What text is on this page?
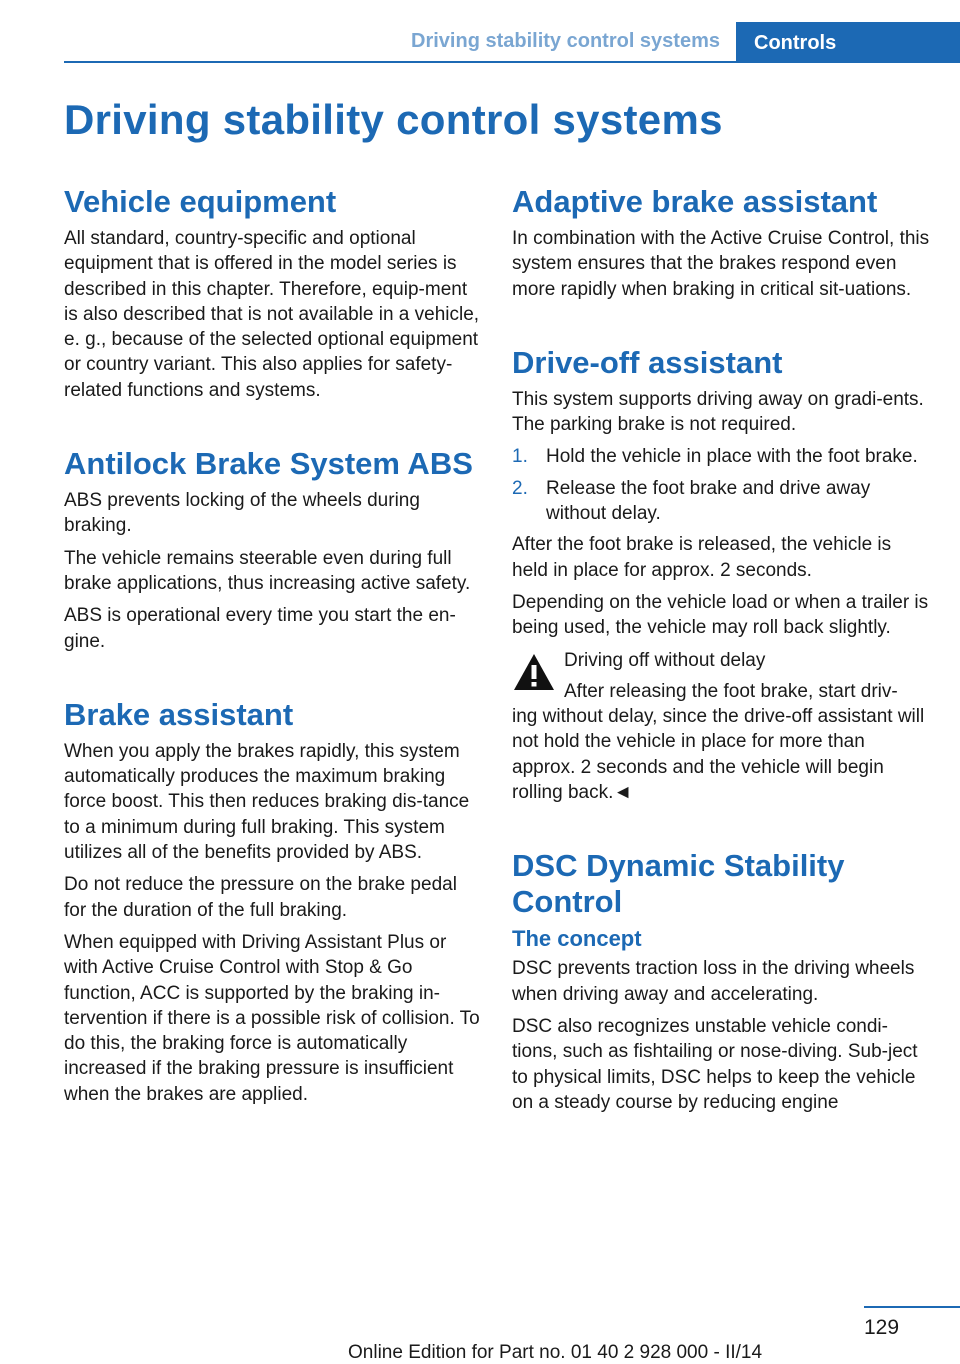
Driving stability control systems	Controls
Driving stability control systems
Vehicle equipment

All standard, country-specific and optional equipment that is offered in the model series is described in this chapter. Therefore, equip-ment is also described that is not available in a vehicle, e. g., because of the selected optional equipment or country variant. This also applies for safety-related functions and systems.

Antilock Brake System ABS

ABS prevents locking of the wheels during braking.

The vehicle remains steerable even during full brake applications, thus increasing active safety.

ABS is operational every time you start the en-gine.

Brake assistant

When you apply the brakes rapidly, this system automatically produces the maximum braking force boost. This then reduces braking dis-tance to a minimum during full braking. This system utilizes all of the benefits provided by ABS.

Do not reduce the pressure on the brake pedal for the duration of the full braking.

When equipped with Driving Assistant Plus or with Active Cruise Control with Stop & Go function, ACC is supported by the braking in-tervention if there is a possible risk of collision. To do this, the braking force is automatically increased if the braking pressure is insufficient when the brakes are applied.

Adaptive brake assistant

In combination with the Active Cruise Control, this system ensures that the brakes respond even more rapidly when braking in critical sit-uations.

Drive-off assistant

This system supports driving away on gradi-ents. The parking brake is not required.

1. Hold the vehicle in place with the foot brake.
2. Release the foot brake and drive away without delay.

After the foot brake is released, the vehicle is held in place for approx. 2 seconds.

Depending on the vehicle load or when a trailer is being used, the vehicle may roll back slightly.

Driving off without delay

After releasing the foot brake, start driv-

ing without delay, since the drive-off assistant will not hold the vehicle in place for more than approx. 2 seconds and the vehicle will begin rolling back.◄

DSC Dynamic Stability Control
The concept

DSC prevents traction loss in the driving wheels when driving away and accelerating.

DSC also recognizes unstable vehicle condi-tions, such as fishtailing or nose-diving. Sub-ject to physical limits, DSC helps to keep the vehicle on a steady course by reducing engine

129
Online Edition for Part no. 01 40 2 928 000 - II/14
